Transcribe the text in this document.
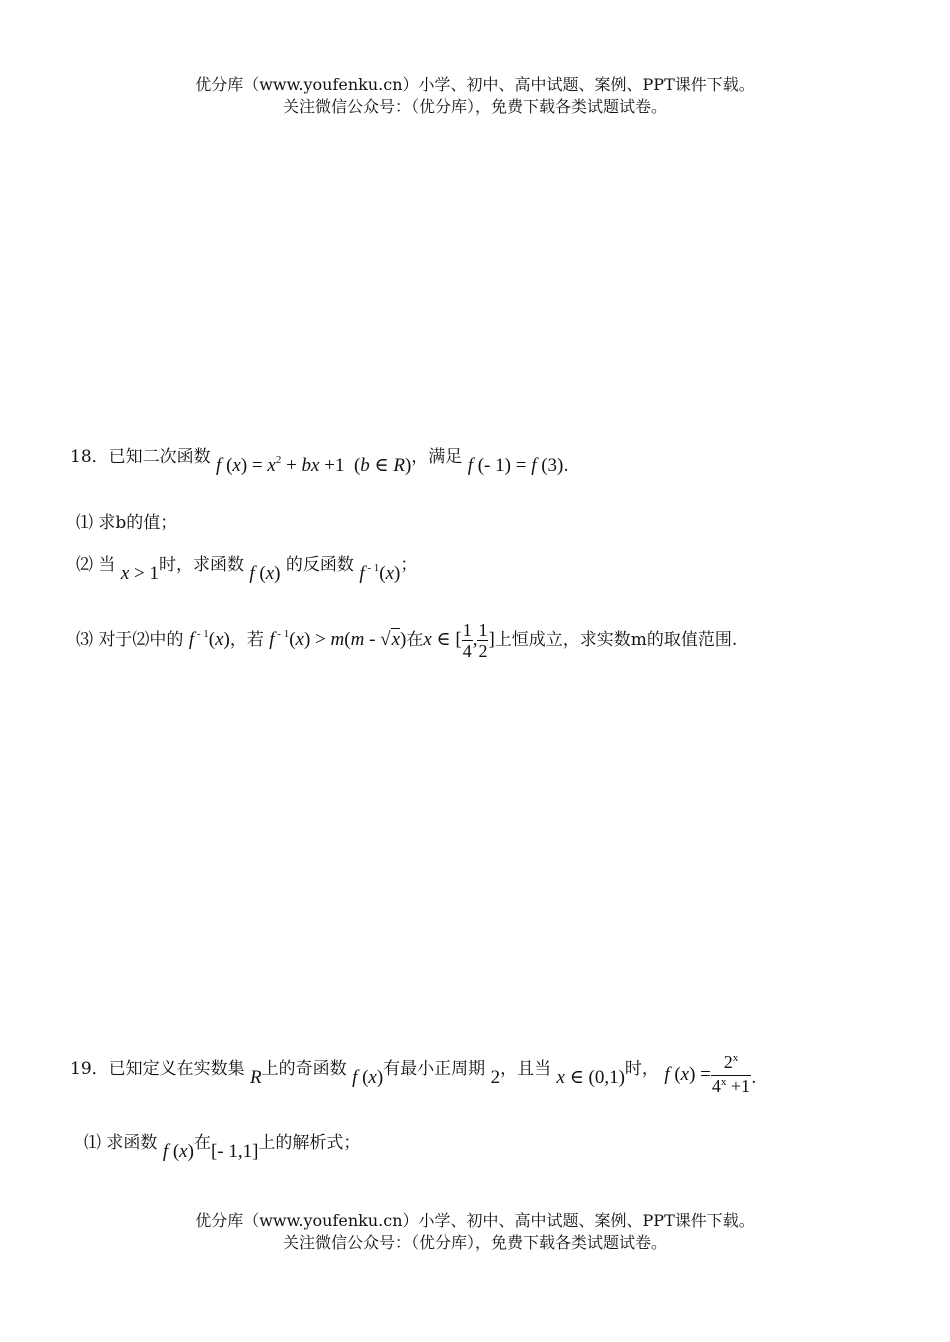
优分库（www.youfenku.cn）小学、初中、高中试题、案例、PPT课件下载。
关注微信公众号：（优分库），免费下载各类试题试卷。
18．已知二次函数 f $(x) = x^2$ + bx +1  (b ∈ R)，满足 f (- 1) = f (3).
⑴ 求b的值；
⑵ 当 x > 1时，求函数 f (x) 的反函数 f $^{- 1}$(x)；
⑶ 对于⑵中的 f $^{- 1}$(x)，若 f $^{- 1}$(x) > m(m - √x)在x ∈ [ $\frac{1}{4}$ , $\frac{1}{2}$ ]上恒成立，求实数m的取值范围.
19．已知定义在实数集 R上的奇函数 f (x)有最小正周期 2，且当 x ∈ (0,1)时， f $(x) = \frac{2^x}{4^x +1}$ .
⑴ 求函数 f (x)在[- 1,1]上的解析式；
优分库（www.youfenku.cn）小学、初中、高中试题、案例、PPT课件下载。
关注微信公众号：（优分库），免费下载各类试题试卷。
